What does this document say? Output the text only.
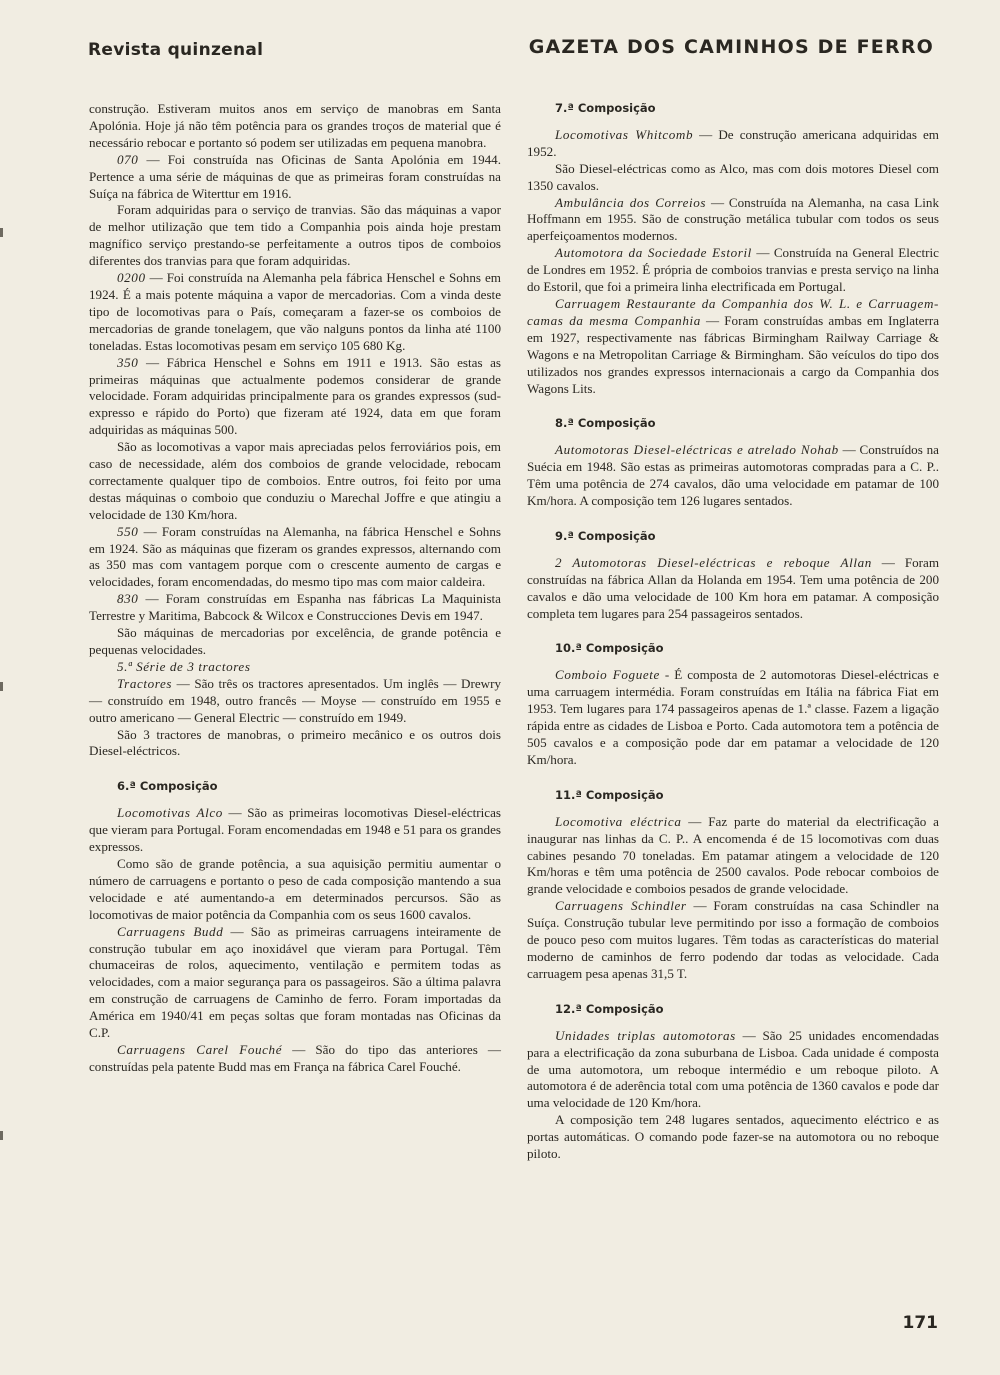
Revista quinzenal	GAZETA DOS CAMINHOS DE FERRO

construção. Estiveram muitos anos em serviço de manobras em Santa Apolónia. Hoje já não têm potência para os grandes troços de material que é necessário rebocar e portanto só podem ser utilizadas em pequena manobra.

070 — Foi construída nas Oficinas de Santa Apolónia em 1944. Pertence a uma série de máquinas de que as primeiras foram construídas na Suíça na fábrica de Witerttur em 1916.

Foram adquiridas para o serviço de tranvias. São das máquinas a vapor de melhor utilização que tem tido a Companhia pois ainda hoje prestam magnífico serviço prestando-se perfeitamente a outros tipos de comboios diferentes dos tranvias para que foram adquiridas.

0200 — Foi construída na Alemanha pela fábrica Henschel e Sohns em 1924. É a mais potente máquina a vapor de mercadorias. Com a vinda deste tipo de locomotivas para o País, começaram a fazer-se os comboios de mercadorias de grande tonelagem, que vão nalguns pontos da linha até 1100 toneladas. Estas locomotivas pesam em serviço 105 680 Kg.

350 — Fábrica Henschel e Sohns em 1911 e 1913. São estas as primeiras máquinas que actualmente podemos considerar de grande velocidade. Foram adquiridas principalmente para os grandes expressos (sud-expresso e rápido do Porto) que fizeram até 1924, data em que foram adquiridas as máquinas 500.

São as locomotivas a vapor mais apreciadas pelos ferroviários pois, em caso de necessidade, além dos comboios de grande velocidade, rebocam correctamente qualquer tipo de comboios. Entre outros, foi feito por uma destas máquinas o comboio que conduziu o Marechal Joffre e que atingiu a velocidade de 130 Km/hora.

550 — Foram construídas na Alemanha, na fábrica Henschel e Sohns em 1924. São as máquinas que fizeram os grandes expressos, alternando com as 350 mas com vantagem porque com o crescente aumento de cargas e velocidades, foram encomendadas, do mesmo tipo mas com maior caldeira.

830 — Foram construídas em Espanha nas fábricas La Maquinista Terrestre y Maritima, Babcock & Wilcox e Construcciones Devis em 1947.

São máquinas de mercadorias por excelência, de grande potência e pequenas velocidades.

5.ª Série de 3 tractores

Tractores — São três os tractores apresentados. Um inglês — Drewry — construído em 1948, outro francês — Moyse — construído em 1955 e outro americano — General Electric — construído em 1949.

São 3 tractores de manobras, o primeiro mecânico e os outros dois Diesel-eléctricos.

6.ª Composição

Locomotivas Alco — São as primeiras locomotivas Diesel-eléctricas que vieram para Portugal. Foram encomendadas em 1948 e 51 para os grandes expressos.

Como são de grande potência, a sua aquisição permitiu aumentar o número de carruagens e portanto o peso de cada composição mantendo a sua velocidade e até aumentando-a em determinados percursos. São as locomotivas de maior potência da Companhia com os seus 1600 cavalos.

Carruagens Budd — São as primeiras carruagens inteiramente de construção tubular em aço inoxidável que vieram para Portugal. Têm chumaceiras de rolos, aquecimento, ventilação e permitem todas as velocidades, com a maior segurança para os passageiros. São a última palavra em construção de carruagens de Caminho de ferro. Foram importadas da América em 1940/41 em peças soltas que foram montadas nas Oficinas da C.P.

Carruagens Carel Fouché — São do tipo das anteriores — construídas pela patente Budd mas em França na fábrica Carel Fouché.

7.ª Composição

Locomotivas Whitcomb — De construção americana adquiridas em 1952.

São Diesel-eléctricas como as Alco, mas com dois motores Diesel com 1350 cavalos.

Ambulância dos Correios — Construída na Alemanha, na casa Link Hoffmann em 1955. São de construção metálica tubular com todos os seus aperfeiçoamentos modernos.

Automotora da Sociedade Estoril — Construída na General Electric de Londres em 1952. É própria de comboios tranvias e presta serviço na linha do Estoril, que foi a primeira linha electrificada em Portugal.

Carruagem Restaurante da Companhia dos W. L. e Carruagem-camas da mesma Companhia — Foram construídas ambas em Inglaterra em 1927, respectivamente nas fábricas Birmingham Railway Carriage & Wagons e na Metropolitan Carriage & Birmingham. São veículos do tipo dos utilizados nos grandes expressos internacionais a cargo da Companhia dos Wagons Lits.

8.ª Composição

Automotoras Diesel-eléctricas e atrelado Nohab — Construídos na Suécia em 1948. São estas as primeiras automotoras compradas para a C. P.. Têm uma potência de 274 cavalos, dão uma velocidade em patamar de 100 Km/hora. A composição tem 126 lugares sentados.

9.ª Composição

2 Automotoras Diesel-eléctricas e reboque Allan — Foram construídas na fábrica Allan da Holanda em 1954. Tem uma potência de 200 cavalos e dão uma velocidade de 100 Km hora em patamar. A composição completa tem lugares para 254 passageiros sentados.

10.ª Composição

Comboio Foguete - É composta de 2 automotoras Diesel-eléctricas e uma carruagem intermédia. Foram construídas em Itália na fábrica Fiat em 1953. Tem lugares para 174 passageiros apenas de 1.ª classe. Fazem a ligação rápida entre as cidades de Lisboa e Porto. Cada automotora tem a potência de 505 cavalos e a composição pode dar em patamar a velocidade de 120 Km/hora.

11.ª Composição

Locomotiva eléctrica — Faz parte do material da electrificação a inaugurar nas linhas da C. P.. A encomenda é de 15 locomotivas com duas cabines pesando 70 toneladas. Em patamar atingem a velocidade de 120 Km/horas e têm uma potência de 2500 cavalos. Pode rebocar comboios de grande velocidade e comboios pesados de grande velocidade.

Carruagens Schindler — Foram construídas na casa Schindler na Suíça. Construção tubular leve permitindo por isso a formação de comboios de pouco peso com muitos lugares. Têm todas as características do material moderno de caminhos de ferro podendo dar todas as velocidade. Cada carruagem pesa apenas 31,5 T.

12.ª Composição

Unidades triplas automotoras — São 25 unidades encomendadas para a electrificação da zona suburbana de Lisboa. Cada unidade é composta de uma automotora, um reboque intermédio e um reboque piloto. A automotora é de aderência total com uma potência de 1360 cavalos e pode dar uma velocidade de 120 Km/hora.

A composição tem 248 lugares sentados, aquecimento eléctrico e as portas automáticas. O comando pode fazer-se na automotora ou no reboque piloto.

171
